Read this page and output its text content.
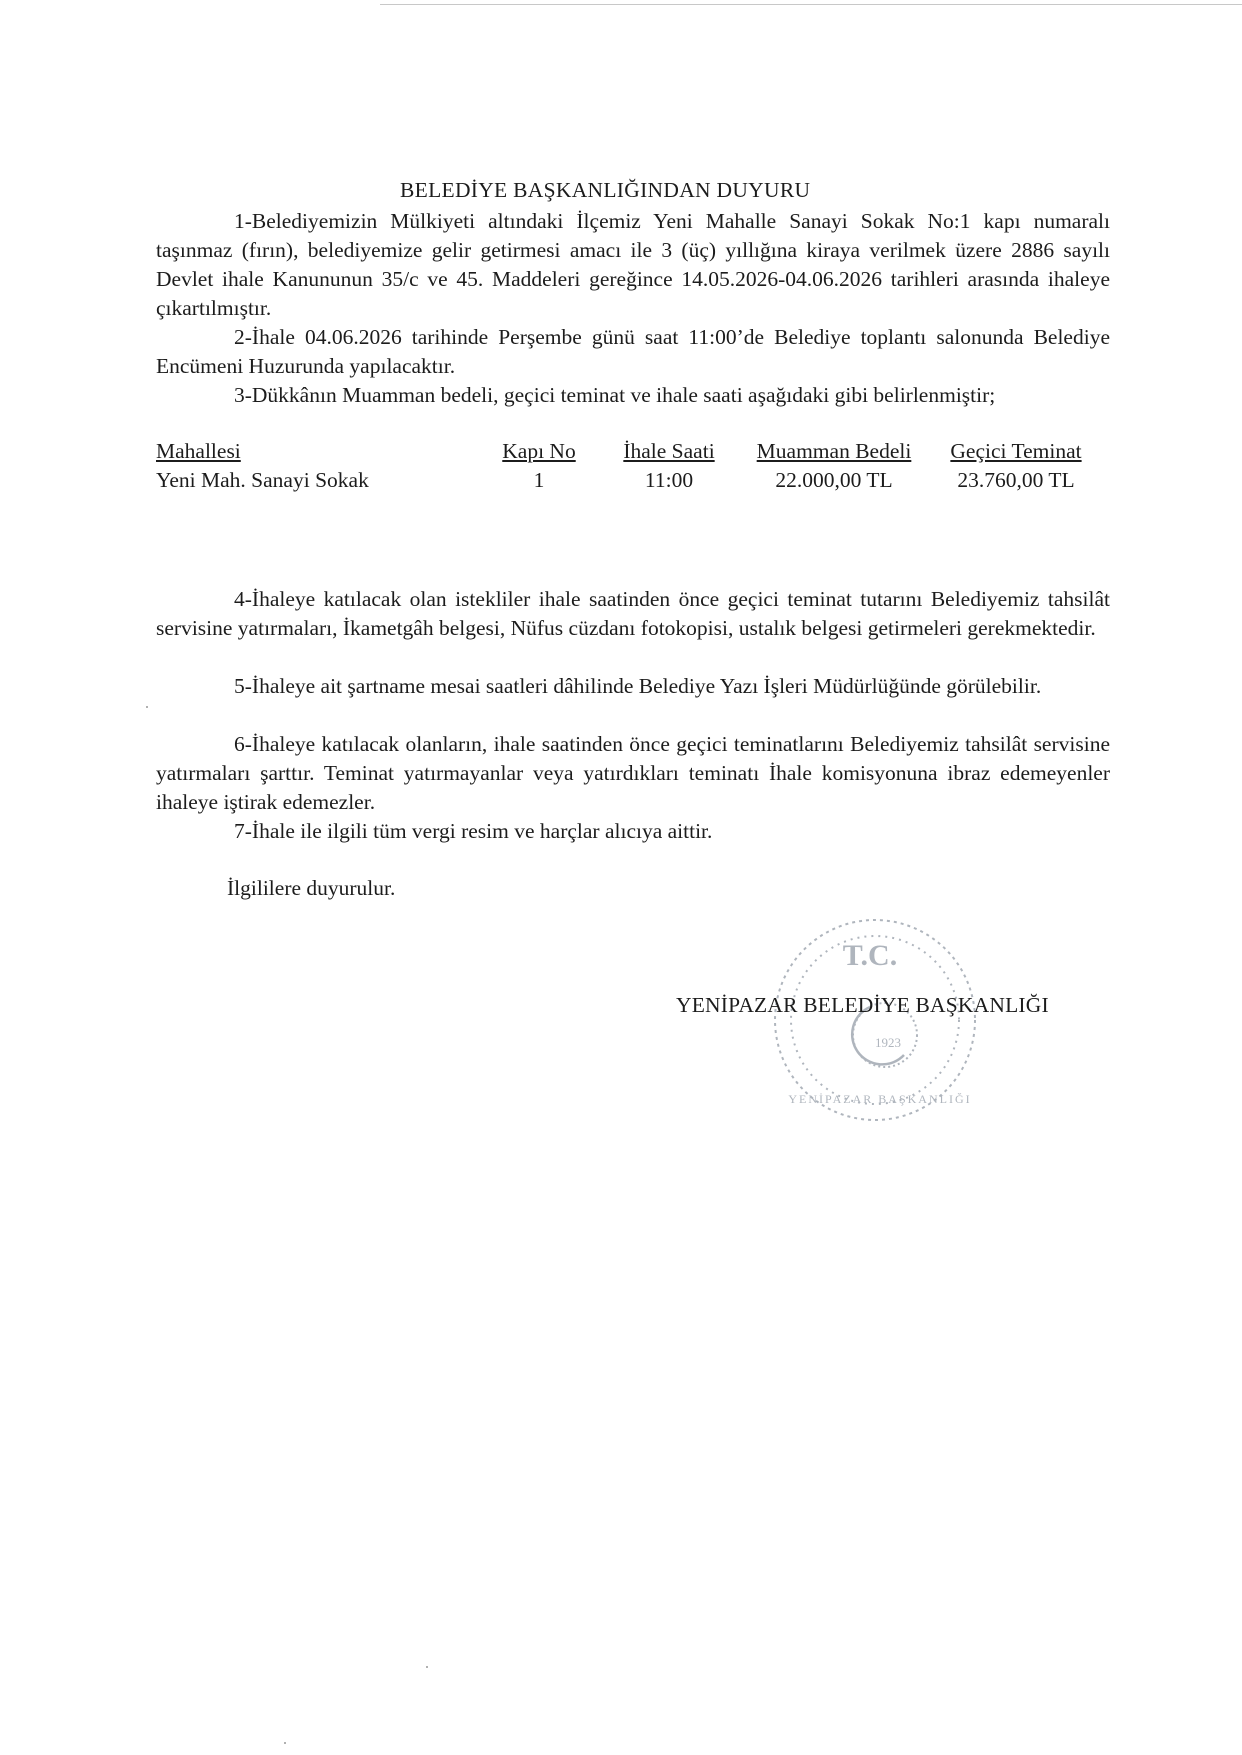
BELEDİYE BAŞKANLIĞINDAN DUYURU

1-Belediyemizin Mülkiyeti altındaki İlçemiz Yeni Mahalle Sanayi Sokak No:1 kapı numaralı taşınmaz (fırın), belediyemize gelir getirmesi amacı ile 3 (üç) yıllığına kiraya verilmek üzere 2886 sayılı Devlet ihale Kanununun 35/c ve 45. Maddeleri gereğince 14.05.2026-04.06.2026 tarihleri arasında ihaleye çıkartılmıştır.

2-İhale 04.06.2026 tarihinde Perşembe günü saat 11:00’de Belediye toplantı salonunda Belediye Encümeni Huzurunda yapılacaktır.

3-Dükkânın Muamman bedeli, geçici teminat ve ihale saati aşağıdaki gibi belirlenmiştir;

Mahallesi	Kapı No	İhale Saati	Muamman Bedeli	Geçici Teminat
Yeni Mah. Sanayi Sokak	1	11:00	22.000,00 TL	23.760,00 TL

4-İhaleye katılacak olan istekliler ihale saatinden önce geçici teminat tutarını Belediyemiz tahsilât servisine yatırmaları, İkametgâh belgesi, Nüfus cüzdanı fotokopisi, ustalık belgesi getirmeleri gerekmektedir.

5-İhaleye ait şartname mesai saatleri dâhilinde Belediye Yazı İşleri Müdürlüğünde görülebilir.

6-İhaleye katılacak olanların, ihale saatinden önce geçici teminatlarını Belediyemiz tahsilât servisine yatırmaları şarttır. Teminat yatırmayanlar veya yatırdıkları teminatı İhale komisyonuna ibraz edemeyenler ihaleye iştirak edemezler.

7-İhale ile ilgili tüm vergi resim ve harçlar alıcıya aittir.

İlgililere duyurulur.
T.C.
1923
YENİPAZAR BAŞKANLIĞI
YENİPAZAR BELEDİYE BAŞKANLIĞI
